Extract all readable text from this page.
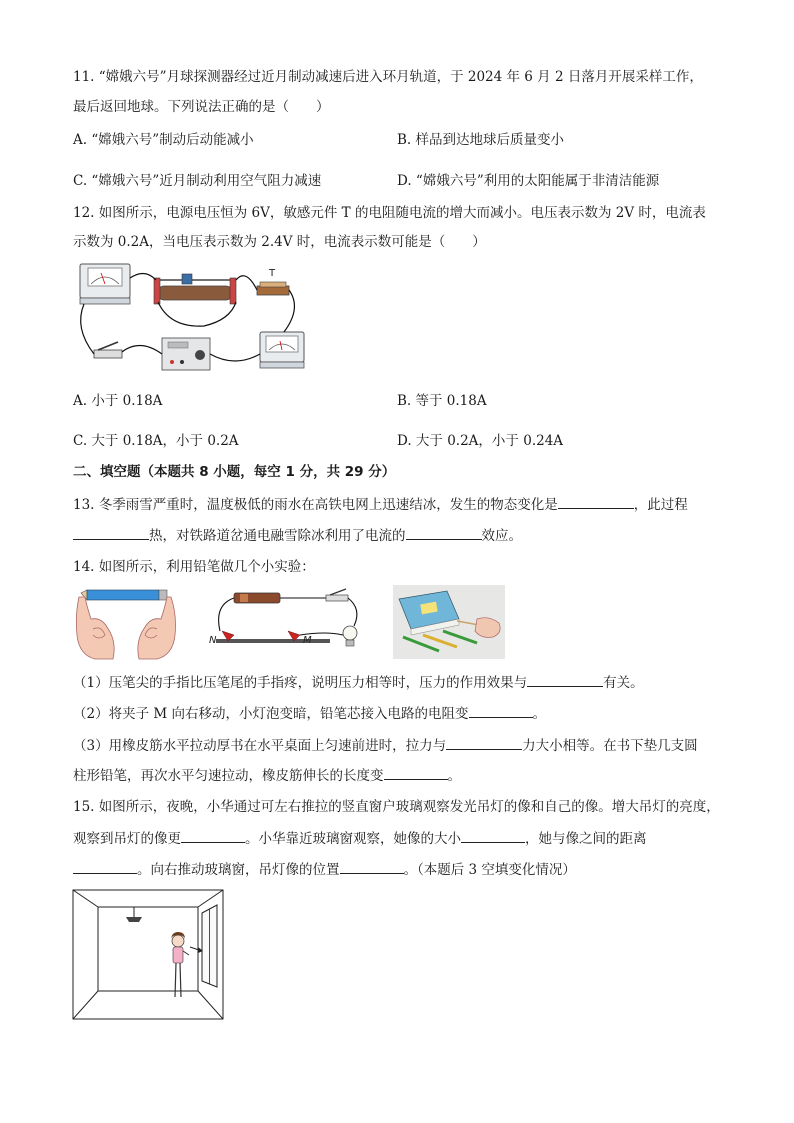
11. “嫦娥六号”月球探测器经过近月制动减速后进入环月轨道，于 2024 年 6 月 2 日落月开展采样工作，
最后返回地球。下列说法正确的是（　　）
A. “嫦娥六号”制动后动能减小	B. 样品到达地球后质量变小
C. “嫦娥六号”近月制动利用空气阻力减速	D. “嫦娥六号”利用的太阳能属于非清洁能源
12. 如图所示，电源电压恒为 6V，敏感元件 T 的电阻随电流的增大而减小。电压表示数为 2V 时，电流表
示数为 0.2A，当电压表示数为 2.4V 时，电流表示数可能是（　　）
T
A. 小于 0.18A	B. 等于 0.18A
C. 大于 0.18A，小于 0.2A	D. 大于 0.2A，小于 0.24A
二、填空题（本题共 8 小题，每空 1 分，共 29 分）
13. 冬季雨雪严重时，温度极低的雨水在高铁电网上迅速结冰，发生的物态变化是	，此过程
热，对铁路道岔通电融雪除冰利用了电流的	效应。
14. 如图所示，利用铅笔做几个小实验：
N	M
（1）压笔尖的手指比压笔尾的手指疼，说明压力相等时，压力的作用效果与	有关。
（2）将夹子 M 向右移动，小灯泡变暗，铅笔芯接入电路的电阻变	。
（3）用橡皮筋水平拉动厚书在水平桌面上匀速前进时，拉力与	力大小相等。在书下垫几支圆
柱形铅笔，再次水平匀速拉动，橡皮筋伸长的长度变	。
15. 如图所示，夜晚，小华通过可左右推拉的竖直窗户玻璃观察发光吊灯的像和自己的像。增大吊灯的亮度，
观察到吊灯的像更	。小华靠近玻璃窗观察，她像的大小	，她与像之间的距离
。向右推动玻璃窗，吊灯像的位置	。（本题后 3 空填变化情况）
